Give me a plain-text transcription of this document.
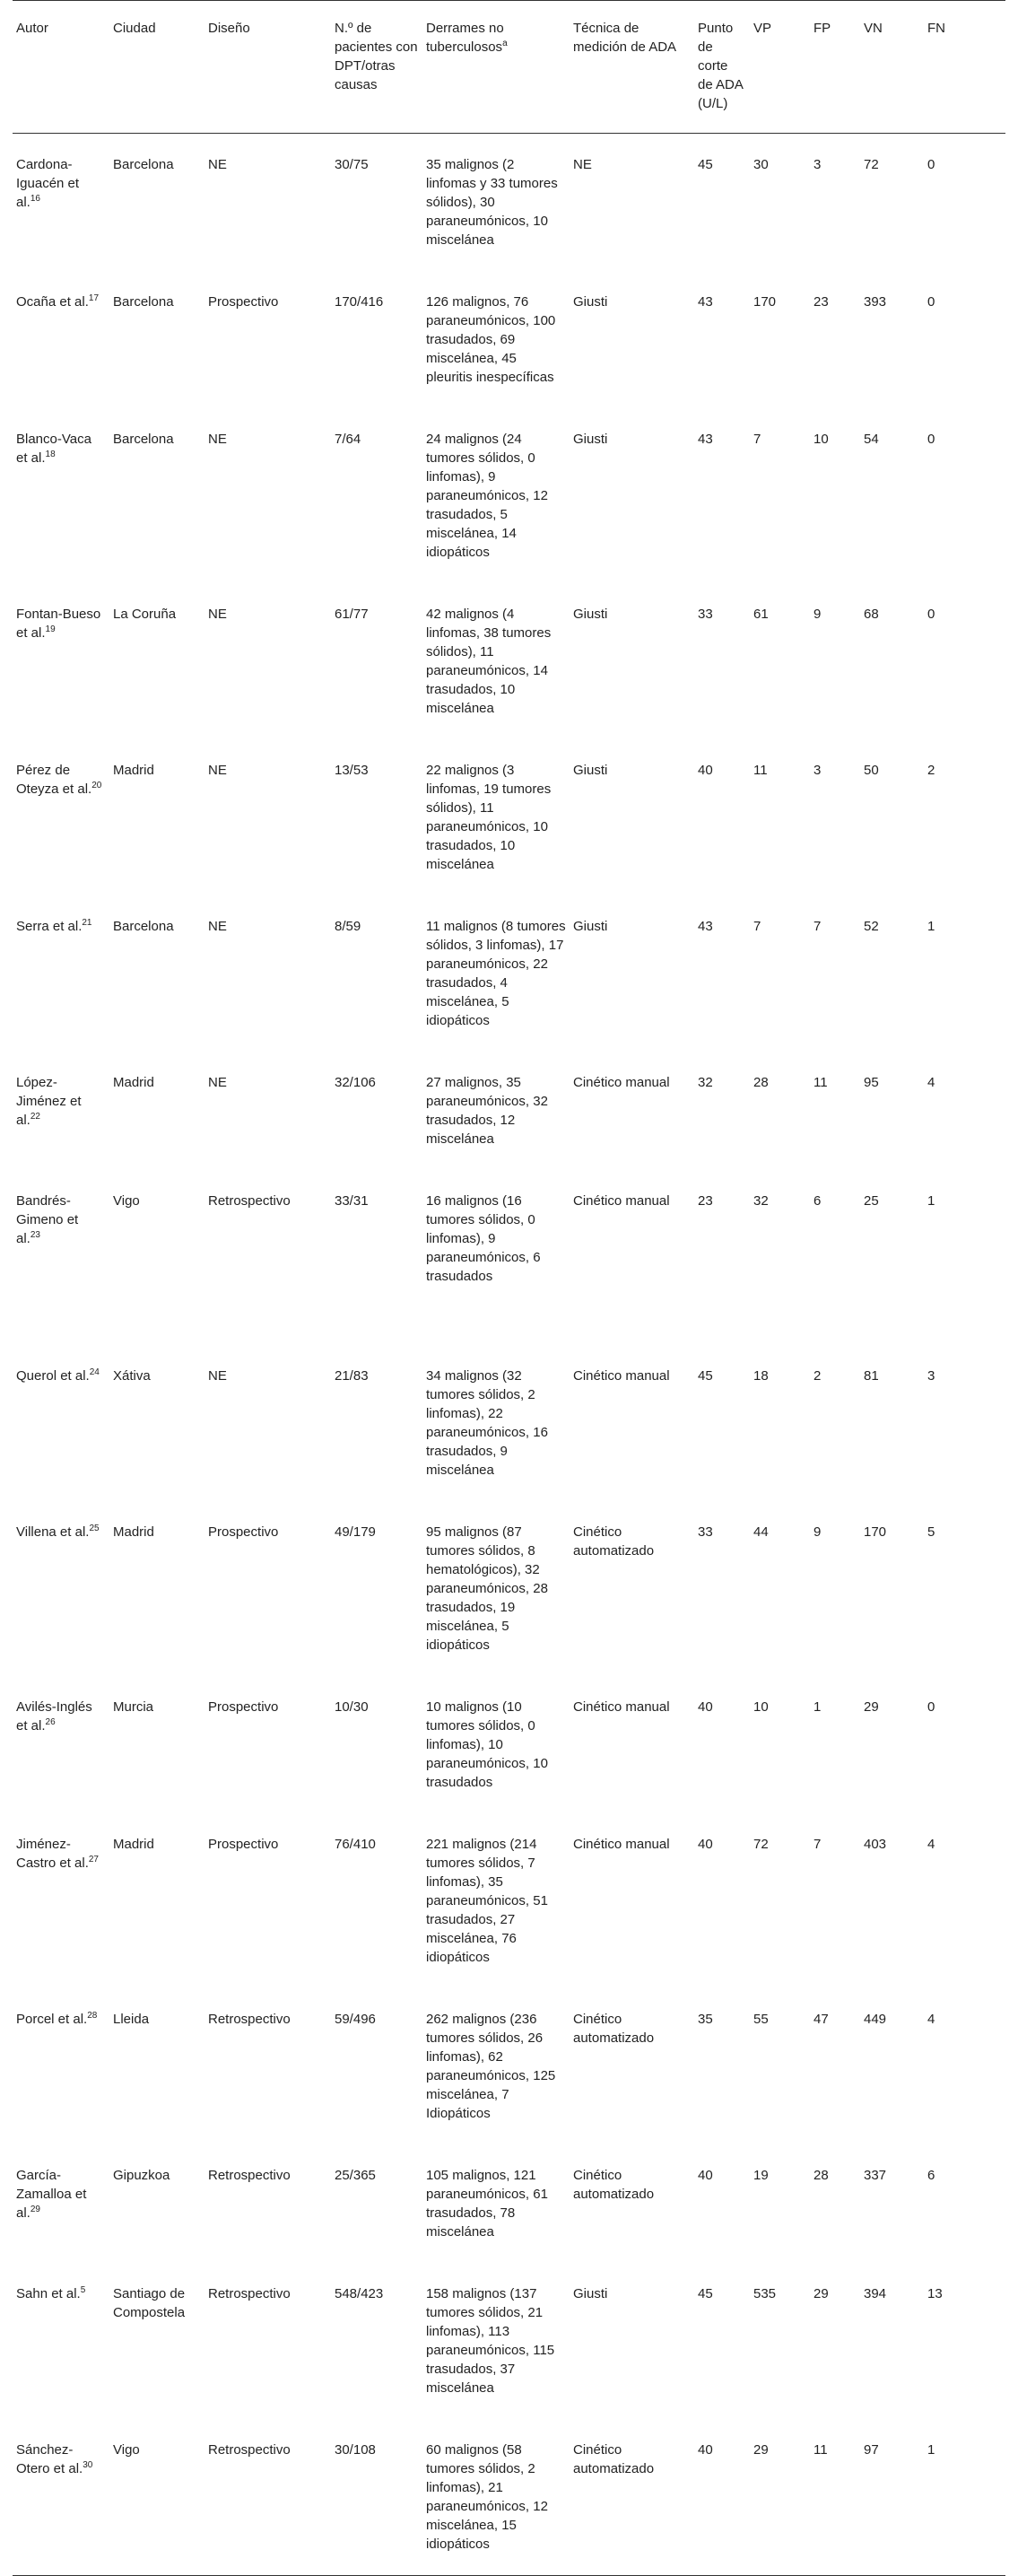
Autor	Ciudad	Diseño	N.º de pacientes con DPT/otras causas	Derrames no tuberculosos$^a$	Técnica de medición de ADA	Punto de corte de ADA (U/L)	VP	FP	VN	FN
Cardona-Iguacén et al.$^{16}$	Barcelona	NE	30/75	35 malignos (2 linfomas y 33 tumores sólidos), 30 paraneumónicos, 10 miscelánea	NE	45	30	3	72	0
Ocaña et al.$^{17}$	Barcelona	Prospectivo	170/416	126 malignos, 76 paraneumónicos, 100 trasudados, 69 miscelánea, 45 pleuritis inespecíficas	Giusti	43	170	23	393	0
Blanco-Vaca et al.$^{18}$	Barcelona	NE	7/64	24 malignos (24 tumores sólidos, 0 linfomas), 9 paraneumónicos, 12 trasudados, 5 miscelánea, 14 idiopáticos	Giusti	43	7	10	54	0
Fontan-Bueso et al.$^{19}$	La Coruña	NE	61/77	42 malignos (4 linfomas, 38 tumores sólidos), 11 paraneumónicos, 14 trasudados, 10 miscelánea	Giusti	33	61	9	68	0
Pérez de Oteyza et al.$^{20}$	Madrid	NE	13/53	22 malignos (3 linfomas, 19 tumores sólidos), 11 paraneumónicos, 10 trasudados, 10 miscelánea	Giusti	40	11	3	50	2
Serra et al.$^{21}$	Barcelona	NE	8/59	11 malignos (8 tumores sólidos, 3 linfomas), 17 paraneumónicos, 22 trasudados, 4 miscelánea, 5 idiopáticos	Giusti	43	7	7	52	1
López-Jiménez et al.$^{22}$	Madrid	NE	32/106	27 malignos, 35 paraneumónicos, 32 trasudados, 12 miscelánea	Cinético manual	32	28	11	95	4
Bandrés-Gimeno et al.$^{23}$	Vigo	Retrospectivo	33/31	16 malignos (16 tumores sólidos, 0 linfomas), 9 paraneumónicos, 6 trasudados	Cinético manual	23	32	6	25	1
Querol et al.$^{24}$	Xátiva	NE	21/83	34 malignos (32 tumores sólidos, 2 linfomas), 22 paraneumónicos, 16 trasudados, 9 miscelánea	Cinético manual	45	18	2	81	3
Villena et al.$^{25}$	Madrid	Prospectivo	49/179	95 malignos (87 tumores sólidos, 8 hematológicos), 32 paraneumónicos, 28 trasudados, 19 miscelánea, 5 idiopáticos	Cinético automatizado	33	44	9	170	5
Avilés-Inglés et al.$^{26}$	Murcia	Prospectivo	10/30	10 malignos (10 tumores sólidos, 0 linfomas), 10 paraneumónicos, 10 trasudados	Cinético manual	40	10	1	29	0
Jiménez-Castro et al.$^{27}$	Madrid	Prospectivo	76/410	221 malignos (214 tumores sólidos, 7 linfomas), 35 paraneumónicos, 51 trasudados, 27 miscelánea, 76 idiopáticos	Cinético manual	40	72	7	403	4
Porcel et al.$^{28}$	Lleida	Retrospectivo	59/496	262 malignos (236 tumores sólidos, 26 linfomas), 62 paraneumónicos, 125 miscelánea, 7 Idiopáticos	Cinético automatizado	35	55	47	449	4
García-Zamalloa et al.$^{29}$	Gipuzkoa	Retrospectivo	25/365	105 malignos, 121 paraneumónicos, 61 trasudados, 78 miscelánea	Cinético automatizado	40	19	28	337	6
Sahn et al.$^5$	Santiago de Compostela	Retrospectivo	548/423	158 malignos (137 tumores sólidos, 21 linfomas), 113 paraneumónicos, 115 trasudados, 37 miscelánea	Giusti	45	535	29	394	13
Sánchez-Otero et al.$^{30}$	Vigo	Retrospectivo	30/108	60 malignos (58 tumores sólidos, 2 linfomas), 21 paraneumónicos, 12 miscelánea, 15 idiopáticos	Cinético automatizado	40	29	11	97	1
